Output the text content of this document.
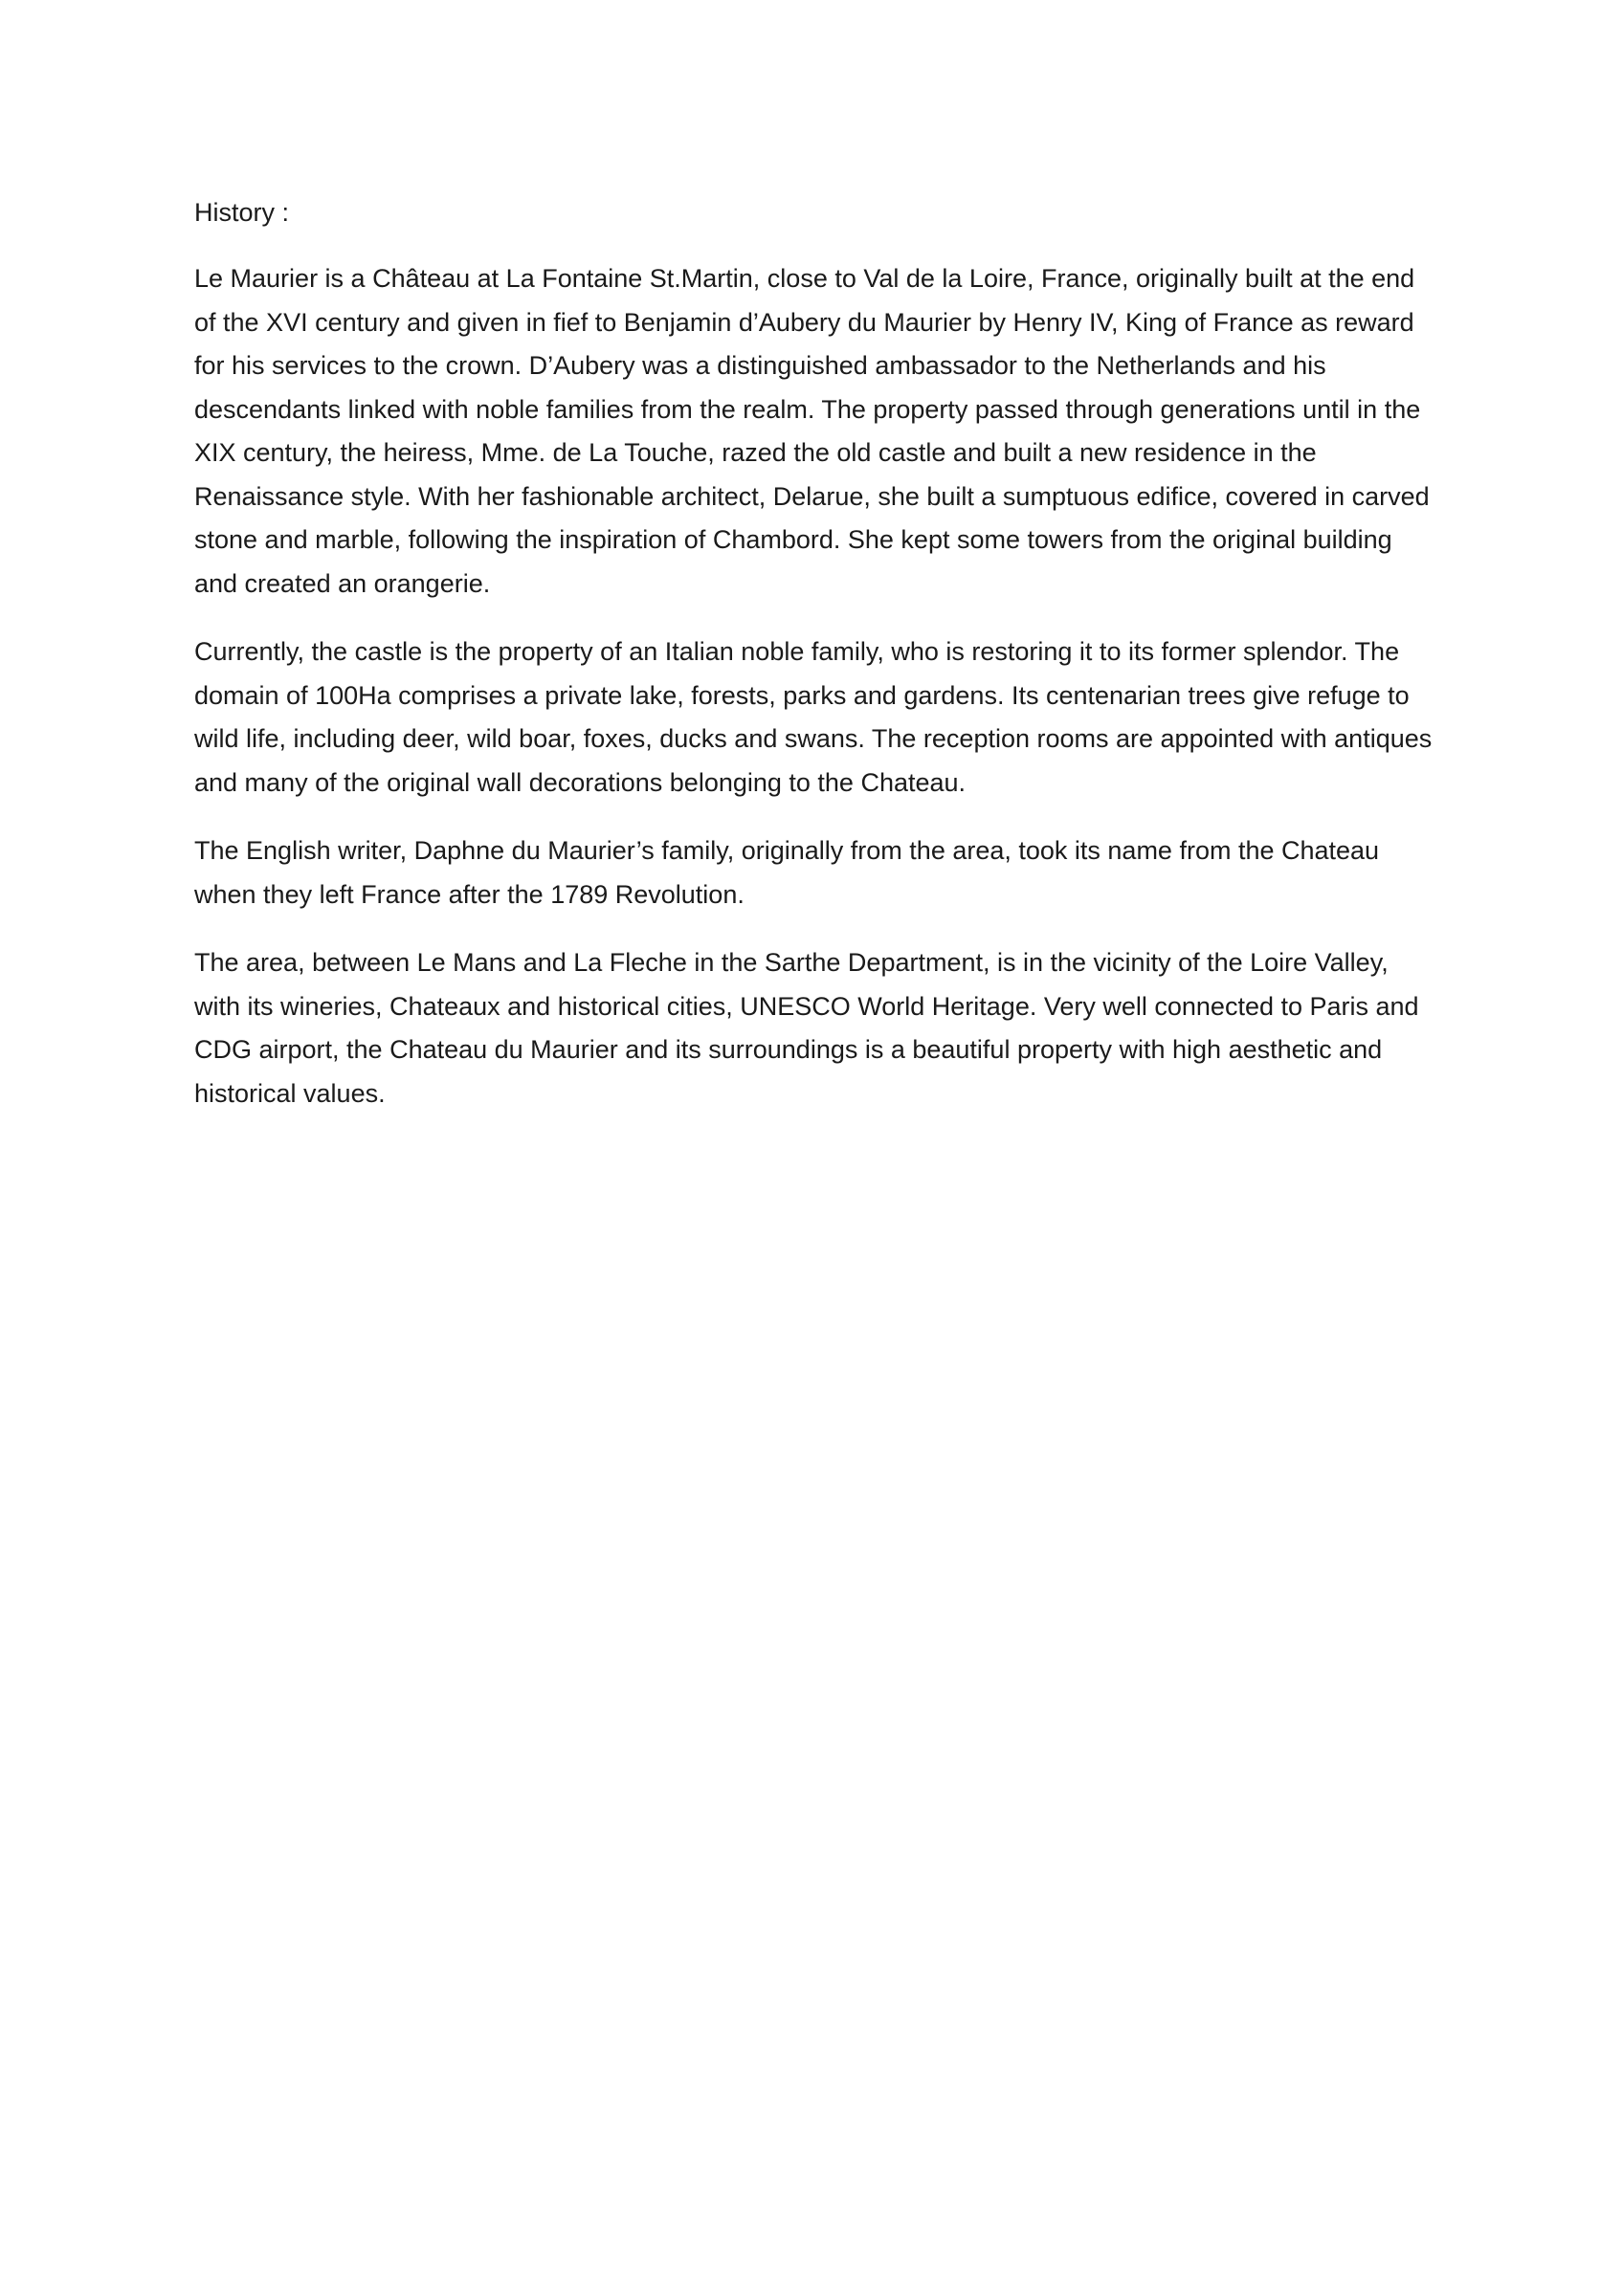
History :

Le Maurier is a Château at La Fontaine St.Martin, close to Val de la Loire, France, originally built at the end of the XVI century and given in fief to Benjamin d’Aubery du Maurier by Henry IV, King of France as reward for his services to the crown. D’Aubery was a distinguished ambassador to the Netherlands and his descendants linked with noble families from the realm. The property passed through generations until in the XIX century, the heiress, Mme. de La Touche, razed the old castle and built a new residence in the Renaissance style. With her fashionable architect, Delarue, she built a sumptuous edifice, covered in carved stone and marble, following the inspiration of Chambord. She kept some towers from the original building and created an orangerie.

Currently, the castle is the property of an Italian noble family, who is restoring it to its former splendor. The domain of 100Ha comprises a private lake, forests, parks and gardens. Its centenarian trees give refuge to wild life, including deer, wild boar, foxes, ducks and swans. The reception rooms are appointed with antiques and many of the original wall decorations belonging to the Chateau.

The English writer, Daphne du Maurier’s family, originally from the area, took its name from the Chateau when they left France after the 1789 Revolution.

The area, between Le Mans and La Fleche in the Sarthe Department, is in the vicinity of the Loire Valley, with its wineries, Chateaux and historical cities, UNESCO World Heritage. Very well connected to Paris and CDG airport, the Chateau du Maurier and its surroundings is a beautiful property with high aesthetic and historical values.
